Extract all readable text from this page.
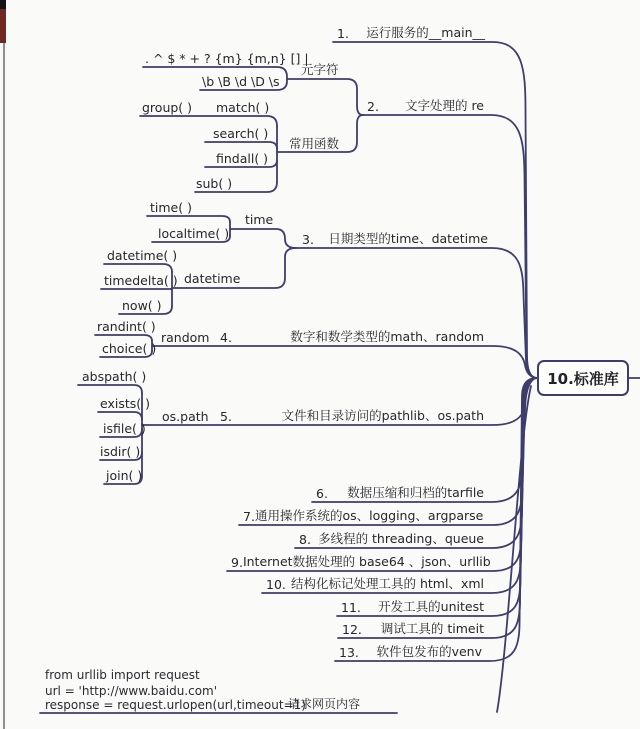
1. 运行服务的__main__
2. 文字处理的 re
3. 日期类型的time、datetime
4.	数字和数学类型的math、random
5.	文件和目录访问的pathlib、os.path
6. 数据压缩和归档的tarfile
7. 通用操作系统的os、logging、argparse
8. 多线程的 threading、queue
9. Internet数据处理的 base64 、json、urllib
10. 结构化标记处理工具的 html、xml
11. 开发工具的unitest
12. 调试工具的 timeit
13. 软件包发布的venv
. ^ $ * + ? {m} {m,n} [] |
\b \B \d \D \s
元字符
group( ) match( )
search( )
findall( )
sub( )
常用函数
time( )
localtime( )
time
datetime( )
timedelta( )
now( )
datetime
randint( )
choice( )
random
abspath( )
exists( )
isfile( )
isdir( )
join( )
os.path
10.标准库
from urllib import request
url = 'http://www.baidu.com'
response = request.urlopen(url,timeout=1)
请求网页内容
